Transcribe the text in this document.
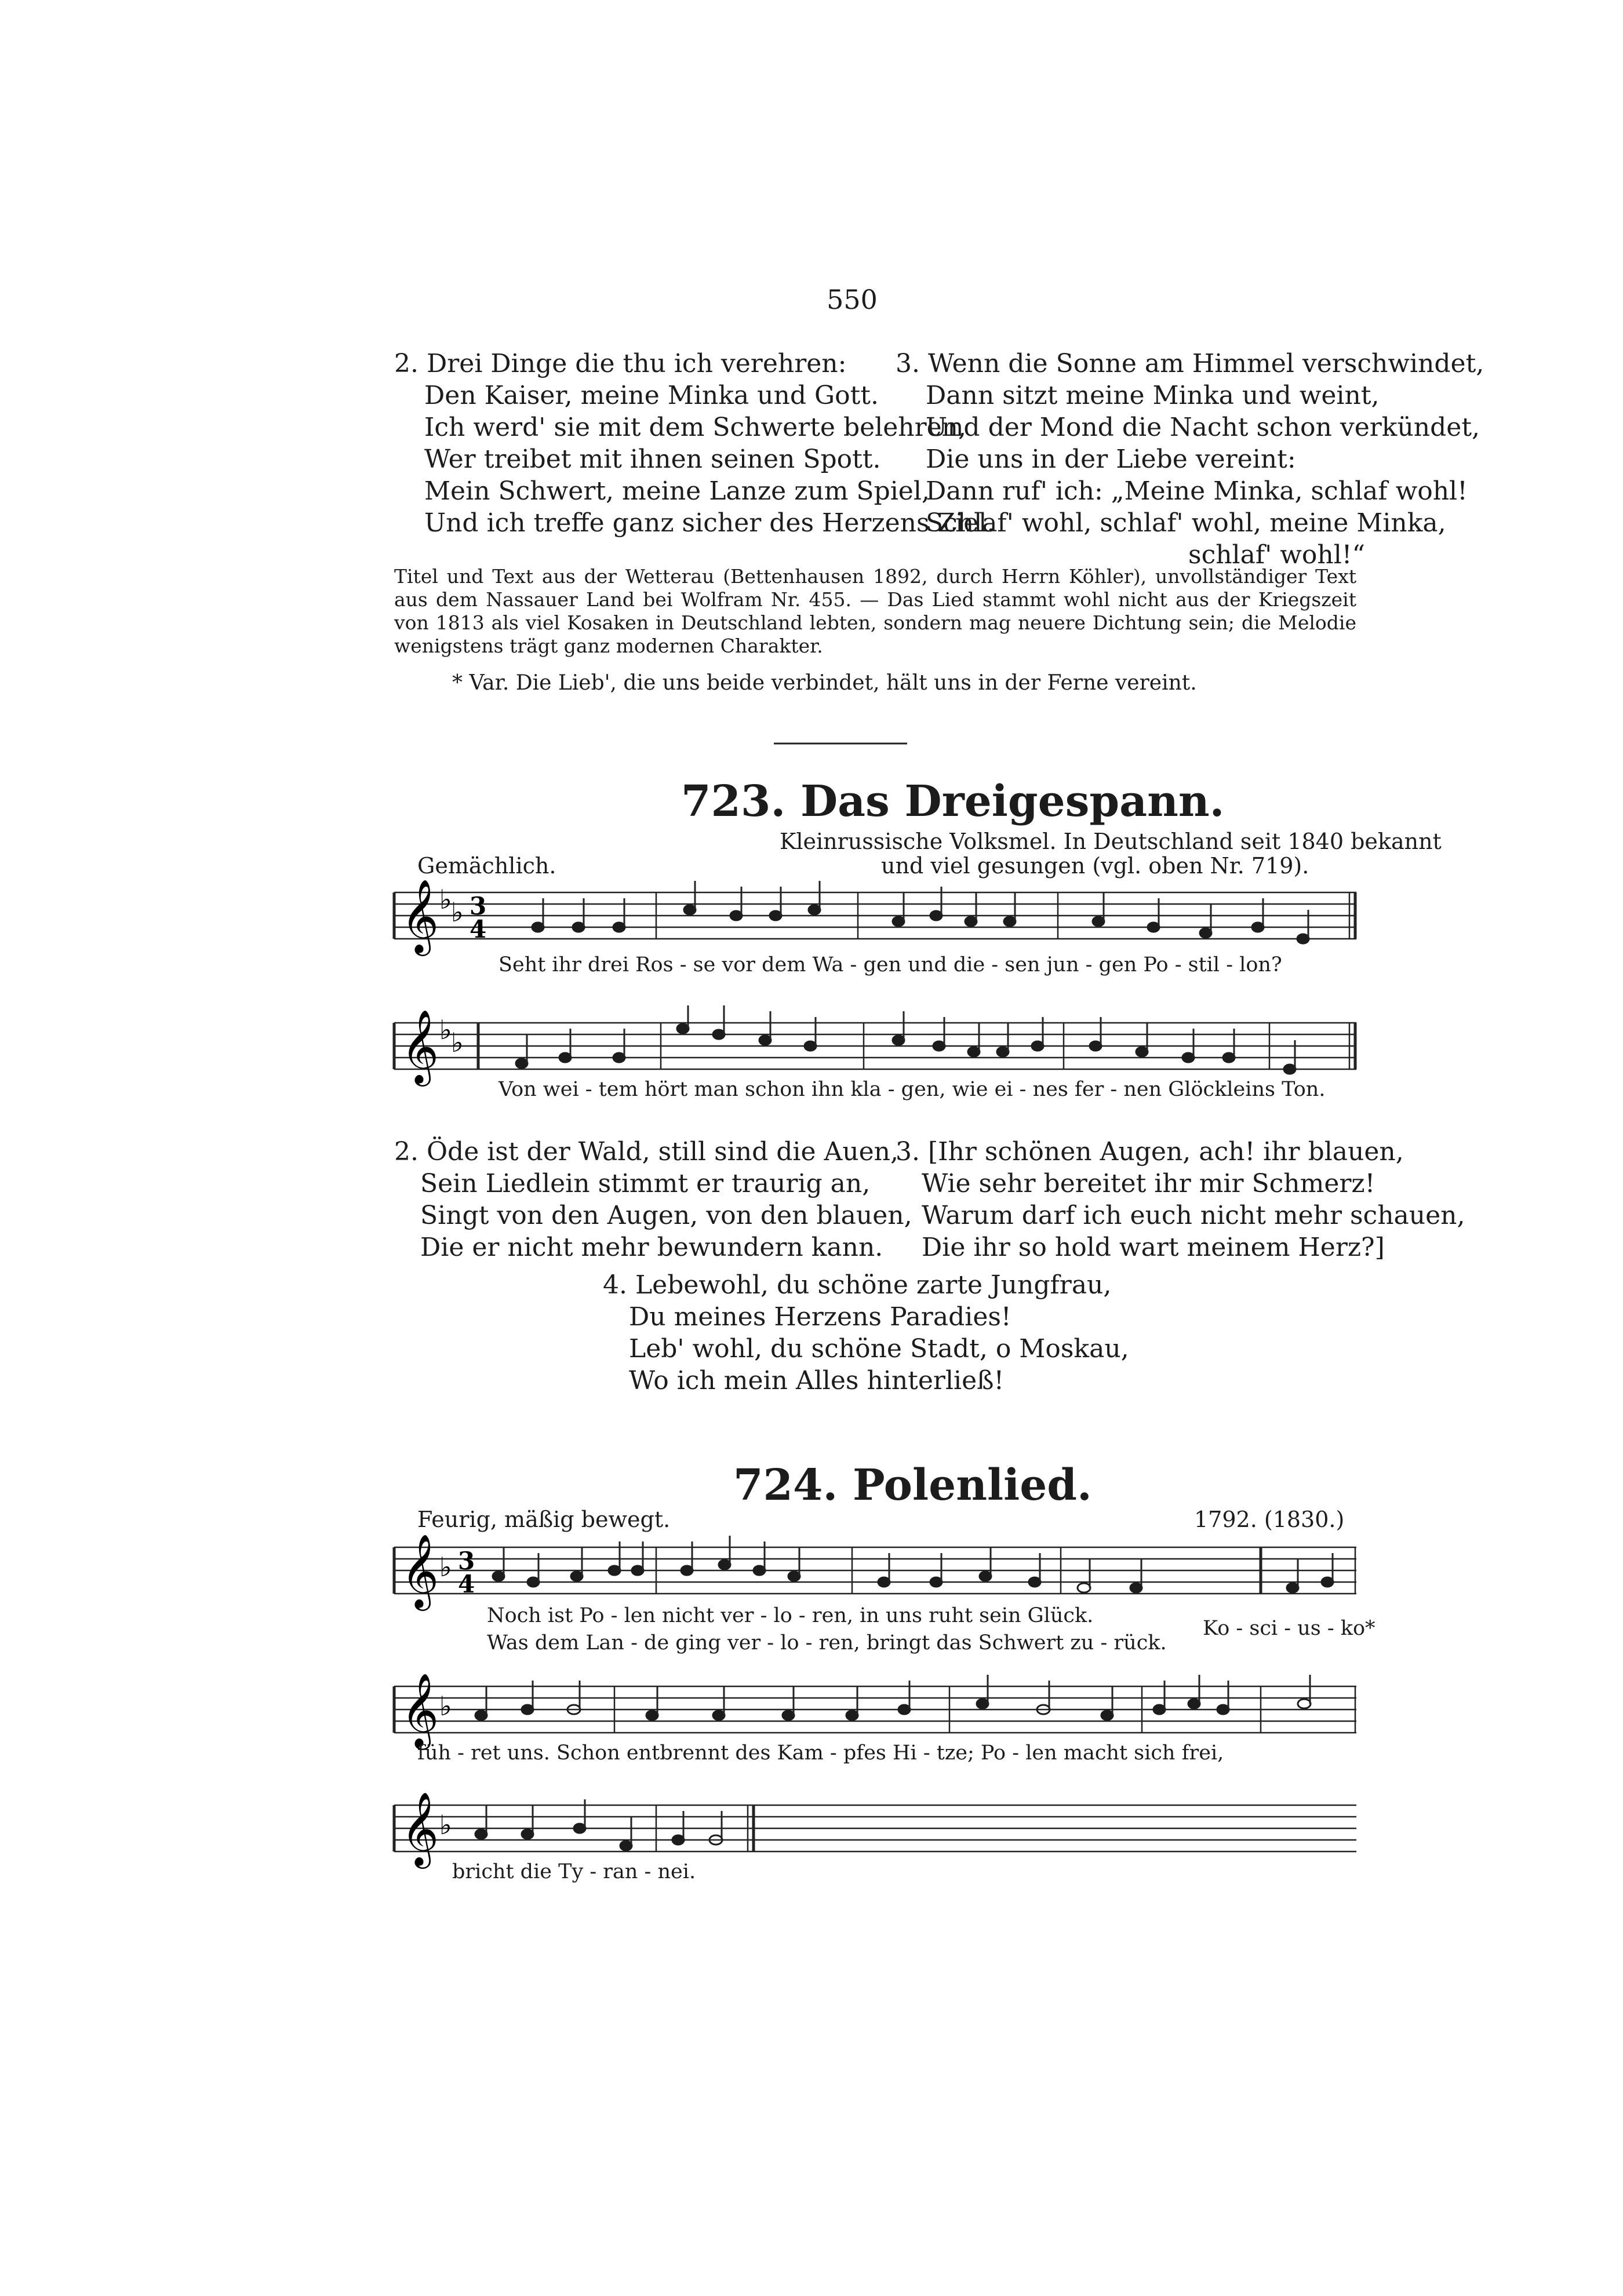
550
2. Drei Dinge die thu ich verehren:
Den Kaiser, meine Minka und Gott.
Ich werd' sie mit dem Schwerte belehren,
Wer treibet mit ihnen seinen Spott.
Mein Schwert, meine Lanze zum Spiel,
Und ich treffe ganz sicher des Herzens Ziel.
3. Wenn die Sonne am Himmel verschwindet,
Dann sitzt meine Minka und weint,
Und der Mond die Nacht schon verkündet,
Die uns in der Liebe vereint:
Dann ruf' ich: „Meine Minka, schlaf wohl!
Schlaf' wohl, schlaf' wohl, meine Minka,
schlaf' wohl!“
Titel und Text aus der Wetterau (Bettenhausen 1892, durch Herrn Köhler), unvollständiger Text aus dem Nassauer Land bei Wolfram Nr. 455. — Das Lied stammt wohl nicht aus der Kriegszeit von 1813 als viel Kosaken in Deutschland lebten, sondern mag neuere Dichtung sein; die Melodie wenigstens trägt ganz modernen Charakter.
* Var. Die Lieb', die uns beide verbindet, hält uns in der Ferne vereint.
723. Das Dreigespann.
Kleinrussische Volksmel. In Deutschland seit 1840 bekannt
und viel gesungen (vgl. oben Nr. 719).
Gemächlich.
𝄞 ♭
♭ 3
4
Seht ihr drei Ros - se vor dem Wa - gen und die - sen jun - gen Po - stil - lon?
𝄞 ♭
♭
Von wei - tem hört man schon ihn kla - gen, wie ei - nes fer - nen Glöckleins Ton.
2. Öde ist der Wald, still sind die Auen,
Sein Liedlein stimmt er traurig an,
Singt von den Augen, von den blauen,
Die er nicht mehr bewundern kann.
3. [Ihr schönen Augen, ach! ihr blauen,
Wie sehr bereitet ihr mir Schmerz!
Warum darf ich euch nicht mehr schauen,
Die ihr so hold wart meinem Herz?]
4. Lebewohl, du schöne zarte Jungfrau,
Du meines Herzens Paradies!
Leb' wohl, du schöne Stadt, o Moskau,
Wo ich mein Alles hinterließ!
724. Polenlied.
Feurig, mäßig bewegt.	1792. (1830.)
𝄞 ♭ 3
4
Noch ist Po - len nicht ver - lo - ren, in uns ruht sein Glück.
Was dem Lan - de ging ver - lo - ren, bringt das Schwert zu - rück.
Ko - sci - us - ko*
𝄞 ♭
füh - ret uns. Schon entbrennt des Kam - pfes Hi - tze; Po - len macht sich frei,
𝄞 ♭
bricht die Ty - ran - nei.
